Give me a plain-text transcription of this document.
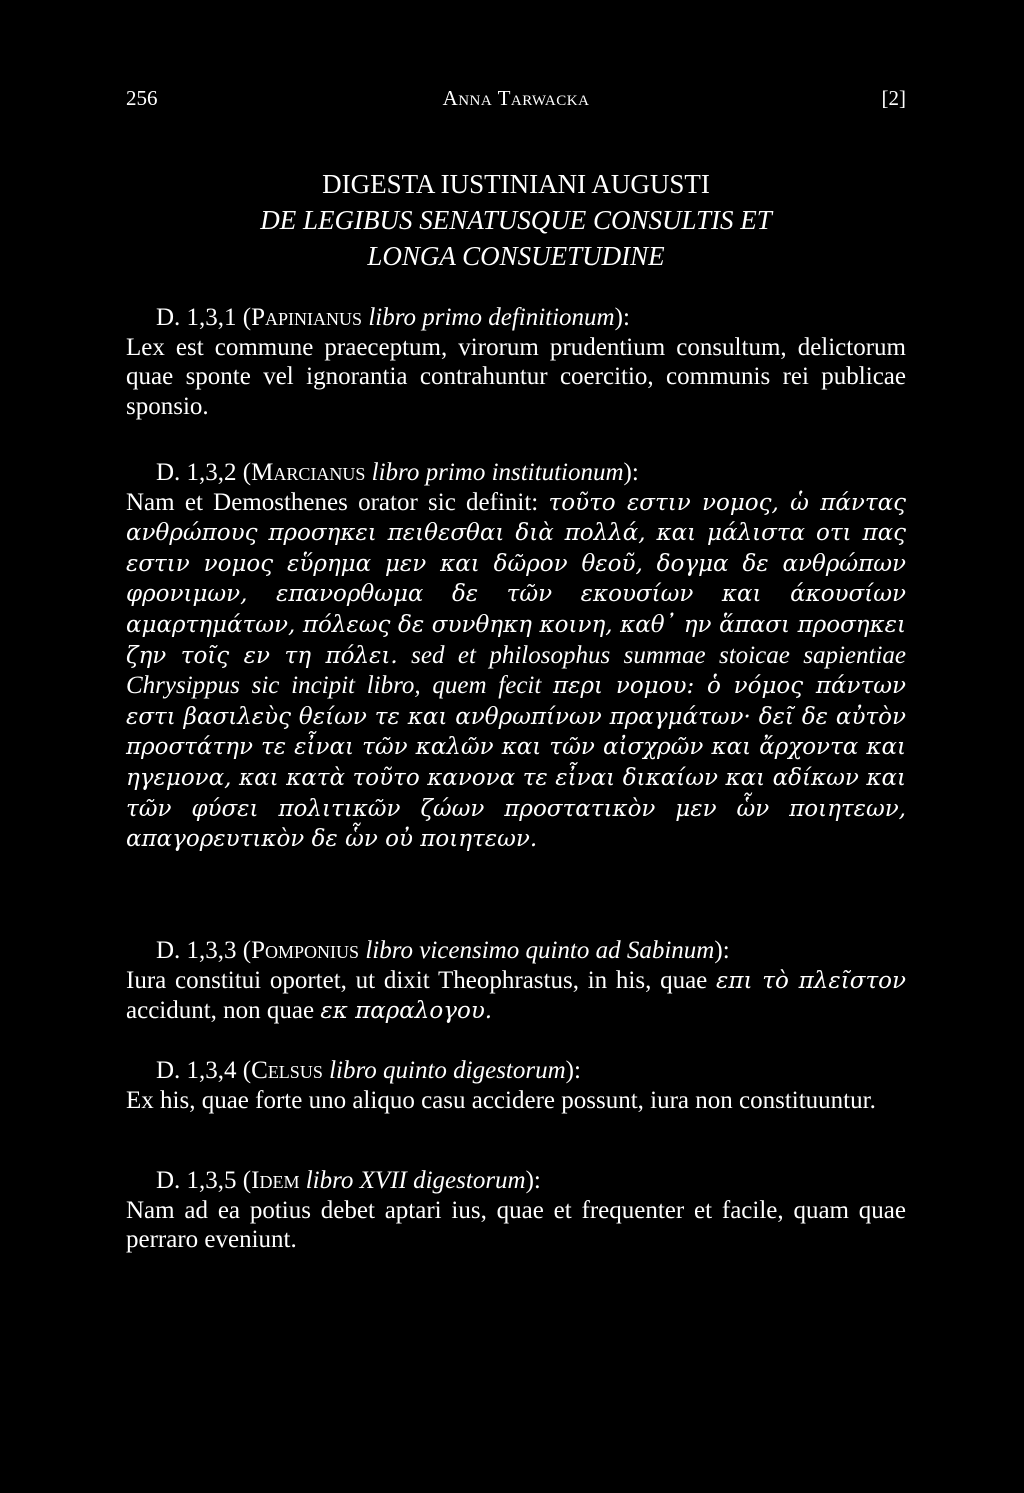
256	Anna Tarwacka	[2]
DIGESTA IUSTINIANI AUGUSTI
DE LEGIBUS SENATUSQUE CONSULTIS ET
LONGA CONSUETUDINE
D. 1,3,1 (Papinianus libro primo definitionum):
Lex est commune praeceptum, virorum prudentium consultum, delictorum quae sponte vel ignorantia contrahuntur coercitio, communis rei publicae sponsio.
D. 1,3,2 (Marcianus libro primo institutionum):
Nam et Demosthenes orator sic definit: τοῦτο εστιν νομος, ὡ πάντας ανθρώπους προσηκει πειθεσθαι διὰ πολλά, και μάλιστα οτι πας εστιν νομος εὕρημα μεν και δῶρον θεοῦ, δογμα δε ανθρώπων φρονιμων, επανορθωμα δε τῶν εκουσίων και άκουσίων αμαρτημάτων, πόλεως δε συνθηκη κοινη, καθ᾽ ην ἅπασι προσηκει ζην τοῖς εν τη πόλει. sed et philosophus summae stoicae sapientiae Chrysippus sic incipit libro, quem fecit περι νομου: ὁ νόμος πάντων εστι βασιλεὺς θείων τε και ανθρωπίνων πραγμάτων· δεῖ δε αὐτὸν προστάτην τε εἶναι τῶν καλῶν και τῶν αἰσχρῶν και ἄρχοντα και ηγεμονα, και κατὰ τοῦτο κανονα τε εἶναι δικαίων και αδίκων και τῶν φύσει πολιτικῶν ζώων προστατικὸν μεν ὧν ποιητεων, απαγορευτικὸν δε ὧν οὐ ποιητεων.
D. 1,3,3 (Pomponius libro vicensimo quinto ad Sabinum):
Iura constitui oportet, ut dixit Theophrastus, in his, quae επι τὸ πλεῖστον accidunt, non quae εκ παραλογου.
D. 1,3,4 (Celsus libro quinto digestorum):
Ex his, quae forte uno aliquo casu accidere possunt, iura non constituuntur.
D. 1,3,5 (Idem libro XVII digestorum):
Nam ad ea potius debet aptari ius, quae et frequenter et facile, quam quae perraro eveniunt.
